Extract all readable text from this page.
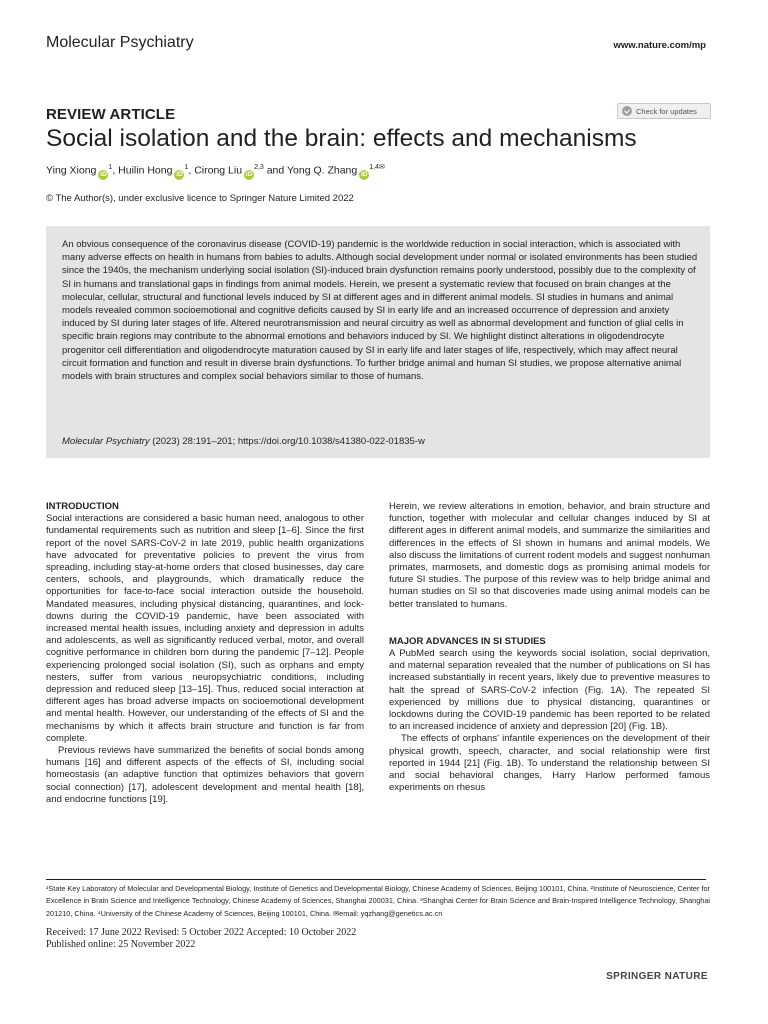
Molecular Psychiatry	www.nature.com/mp
REVIEW ARTICLE	Check for updates
Social isolation and the brain: effects and mechanisms
Ying Xiong $iD^1$, Huilin Hong $iD^1$, Cirong Liu iD$^{2,3}$ and Yong Q. Zhang $iD^{1,4✉}$
© The Author(s), under exclusive licence to Springer Nature Limited 2022
An obvious consequence of the coronavirus disease (COVID-19) pandemic is the worldwide reduction in social interaction, which is associated with many adverse effects on health in humans from babies to adults. Although social development under normal or isolated environments has been studied since the 1940s, the mechanism underlying social isolation (SI)-induced brain dysfunction remains poorly understood, possibly due to the complexity of SI in humans and translational gaps in findings from animal models. Herein, we present a systematic review that focused on brain changes at the molecular, cellular, structural and functional levels induced by SI at different ages and in different animal models. SI studies in humans and animal models revealed common socioemotional and cognitive deficits caused by SI in early life and an increased occurrence of depression and anxiety induced by SI during later stages of life. Altered neurotransmission and neural circuitry as well as abnormal development and function of glial cells in specific brain regions may contribute to the abnormal emotions and behaviors induced by SI. We highlight distinct alterations in oligodendrocyte progenitor cell differentiation and oligodendrocyte maturation caused by SI in early life and later stages of life, respectively, which may affect neural circuit formation and function and result in diverse brain dysfunctions. To further bridge animal and human SI studies, we propose alternative animal models with brain structures and complex social behaviors similar to those of humans.
Molecular Psychiatry (2023) 28:191–201; https://doi.org/10.1038/s41380-022-01835-w

INTRODUCTION

Social interactions are considered a basic human need, analogous to other fundamental requirements such as nutrition and sleep [1–6]. Since the first report of the novel SARS-CoV-2 in late 2019, public health organizations have advocated for preventative policies to prevent the virus from spreading, including stay-at-home orders that closed businesses, day care centers, schools, and playgrounds, which dramatically reduce the opportunities for face-to-face social interaction outside the household. Mandated measures, including physical distancing, quarantines, and lock-downs during the COVID-19 pandemic, have been associated with increased mental health issues, including anxiety and depression in adults and adolescents, as well as significantly reduced verbal, motor, and overall cognitive performance in children born during the pandemic [7–12]. People experiencing prolonged social isolation (SI), such as orphans and empty nesters, suffer from various neuropsychiatric conditions, including depression and reduced sleep [13–15]. Thus, reduced social interaction at different ages has broad adverse impacts on socioemotional development and mental health. However, our understanding of the effects of SI and the mechanisms by which it affects brain structure and function is far from complete.

Previous reviews have summarized the benefits of social bonds among humans [16] and different aspects of the effects of SI, including social homeostasis (an adaptive function that optimizes behaviors that govern social connection) [17], adolescent development and mental health [18], and endocrine functions [19].

Herein, we review alterations in emotion, behavior, and brain structure and function, together with molecular and cellular changes induced by SI at different ages in different animal models, and summarize the similarities and differences in the effects of SI shown in humans and animal models. We also discuss the limitations of current rodent models and suggest nonhuman primates, marmosets, and domestic dogs as promising animal models for future SI studies. The purpose of this review was to help bridge animal and human studies on SI so that discoveries made using animal models can be better translated to humans.

MAJOR ADVANCES IN SI STUDIES

A PubMed search using the keywords social isolation, social deprivation, and maternal separation revealed that the number of publications on SI has increased substantially in recent years, likely due to preventive measures to halt the spread of SARS-CoV-2 infection (Fig. 1A). The repeated SI experienced by millions due to physical distancing, quarantines or lockdowns during the COVID-19 pandemic has been reported to be related to an increased incidence of anxiety and depression [20] (Fig. 1B).

The effects of orphans' infantile experiences on the development of their physical growth, speech, character, and social relationship were first reported in 1944 [21] (Fig. 1B). To understand the relationship between SI and social behavioral changes, Harry Harlow performed famous experiments on rhesus

¹State Key Laboratory of Molecular and Developmental Biology, Institute of Genetics and Developmental Biology, Chinese Academy of Sciences, Beijing 100101, China. ²Institute of Neuroscience, Center for Excellence in Brain Science and Intelligence Technology, Chinese Academy of Sciences, Shanghai 200031, China. ³Shanghai Center for Brain Science and Brain-Inspired Intelligence Technology, Shanghai 201210, China. ⁴University of the Chinese Academy of Sciences, Beijing 100101, China. ✉email: yqzhang@genetics.ac.cn
Received: 17 June 2022 Revised: 5 October 2022 Accepted: 10 October 2022
Published online: 25 November 2022
SPRINGER NATURE
